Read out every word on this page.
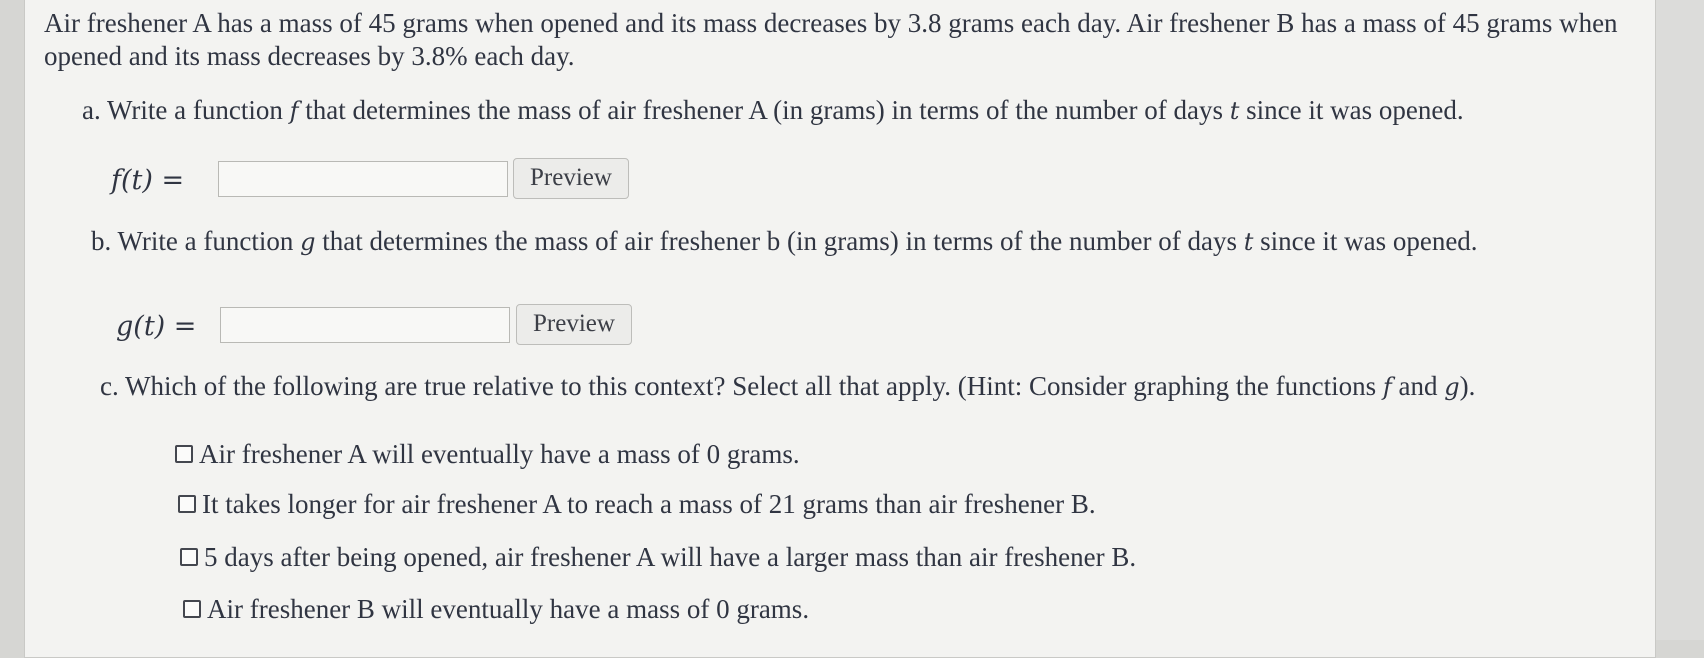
Air freshener A has a mass of 45 grams when opened and its mass decreases by 3.8 grams each day. Air freshener B has a mass of 45 grams when opened and its mass decreases by 3.8% each day.
a. Write a function f that determines the mass of air freshener A (in grams) in terms of the number of days t since it was opened.
f(t) =	Preview
b. Write a function g that determines the mass of air freshener b (in grams) in terms of the number of days t since it was opened.
g(t) =	Preview
c. Which of the following are true relative to this context? Select all that apply. (Hint: Consider graphing the functions f and g).
Air freshener A will eventually have a mass of 0 grams.
It takes longer for air freshener A to reach a mass of 21 grams than air freshener B.
5 days after being opened, air freshener A will have a larger mass than air freshener B.
Air freshener B will eventually have a mass of 0 grams.
